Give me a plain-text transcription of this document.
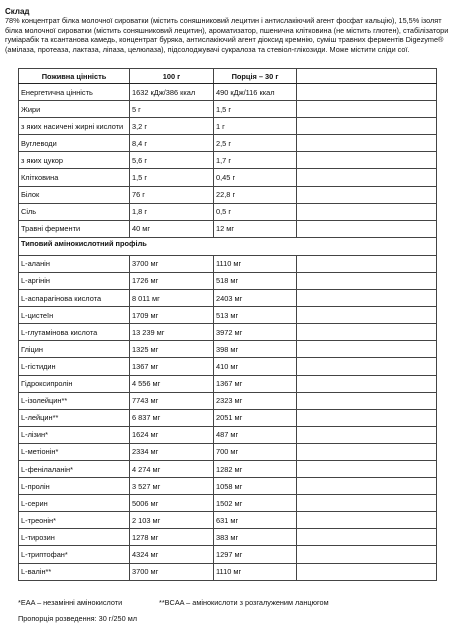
Склад

78% концентрат білка молочної сироватки (містить соняшниковий лецитин і антислакіючий агент фосфат кальцію), 15,5% ізолят білка молочної сироватки (містить соняшниковий лецитин), ароматизатор, пшенична клітковина (не містить глютен), стабілізатори гуміарабік та ксантанова камедь, концентрат буряка, антислакіючий агент діоксид кремнію, суміш травних ферментів Digezyme® (амілаза, протеаза, лактаза, ліпаза, целюлаза), підсолоджувачі сукралоза та стевіол-глікозиди. Може містити сліди сої.

Поживна цінність	100 г	Порція – 30 г	
Енергетична цінність	1632 кДж/386 ккал	490 кДж/116 ккал	
Жири	5 г	1,5 г	
з яких насичені жирні кислоти	3,2 г	1 г	
Вуглеводи	8,4 г	2,5 г	
з яких цукор	5,6 г	1,7 г	
Клітковина	1,5 г	0,45 г	
Білок	76 г	22,8 г	
Сіль	1,8 г	0,5 г	
Травні ферменти	40 мг	12 мг	
Типовий амінокислотний профіль			
L-аланін	3700 мг	1110 мг	
L-аргінін	1726 мг	518 мг	
L-аспарагінова кислота	8 011 мг	2403 мг	
L-цистеїн	1709 мг	513 мг	
L-глутамінова кислота	13 239 мг	3972 мг	
Гліцин	1325 мг	398 мг	
L-гістидин	1367 мг	410 мг	
Гідроксипролін	4 556 мг	1367 мг	
L-ізолейцин**	7743 мг	2323 мг	
L-лейцин**	6 837 мг	2051 мг	
L-лізин*	1624 мг	487 мг	
L-метіонін*	2334 мг	700 мг	
L-фенілаланін*	4 274 мг	1282 мг	
L-пролін	3 527 мг	1058 мг	
L-серин	5006 мг	1502 мг	
L-треонін*	2 103 мг	631 мг	
L-тирозин	1278 мг	383 мг	
L-триптофан*	4324 мг	1297 мг	
L-валін**	3700 мг	1110 мг	
*EAA – незамінні амінокислоти	**BCAA – амінокислоти з розгалуженим ланцюгом
Пропорція розведення: 30 г/250 мл
